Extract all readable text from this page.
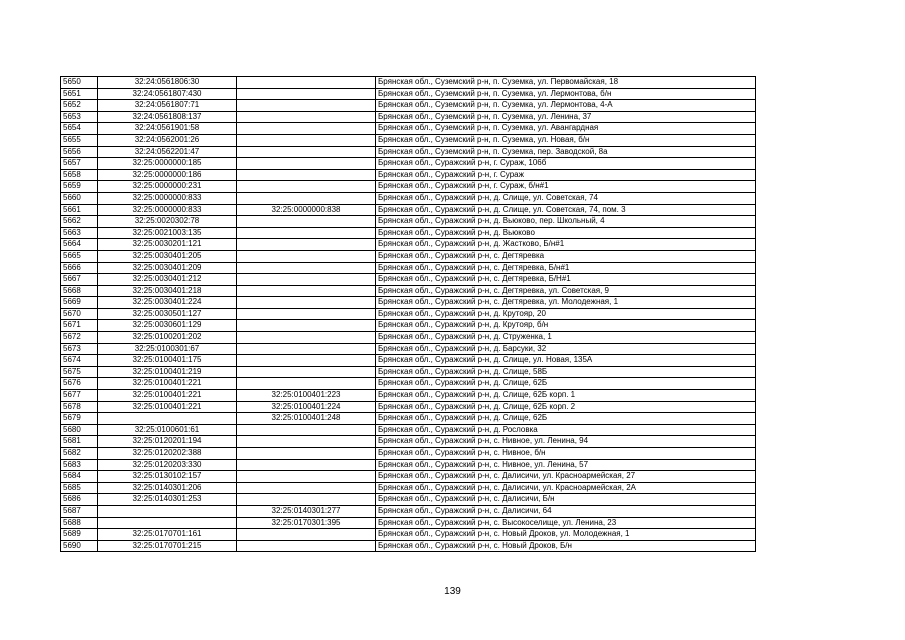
5650	32:24:0561806:30		Брянская обл., Суземский р-н, п. Суземка, ул. Первомайская, 18
5651	32:24:0561807:430		Брянская обл., Суземский р-н, п. Суземка, ул. Лермонтова, б/н
5652	32:24:0561807:71		Брянская обл., Суземский р-н, п. Суземка, ул. Лермонтова, 4-А
5653	32:24:0561808:137		Брянская обл., Суземский р-н, п. Суземка, ул. Ленина, 37
5654	32:24:0561901:58		Брянская обл., Суземский р-н, п. Суземка, ул. Авангардная
5655	32:24:0562001:26		Брянская обл., Суземский р-н, п. Суземка, ул. Новая, б/н
5656	32:24:0562201:47		Брянская обл., Суземский р-н, п. Суземка, пер. Заводской, 8а
5657	32:25:0000000:185		Брянская обл., Суражский р-н, г. Сураж, 106б
5658	32:25:0000000:186		Брянская обл., Суражский р-н, г. Сураж
5659	32:25:0000000:231		Брянская обл., Суражский р-н, г. Сураж, б/н#1
5660	32:25:0000000:833		Брянская обл., Суражский р-н, д. Слище, ул. Советская, 74
5661	32:25:0000000:833	32:25:0000000:838	Брянская обл., Суражский р-н, д. Слище, ул. Советская, 74, пом. 3
5662	32:25:0020302:78		Брянская обл., Суражский р-н, д. Вьюково, пер. Школьный, 4
5663	32:25:0021003:135		Брянская обл., Суражский р-н, д. Вьюково
5664	32:25:0030201:121		Брянская обл., Суражский р-н, д. Жастково, Б/н#1
5665	32:25:0030401:205		Брянская обл., Суражский р-н, с. Дегтяревка
5666	32:25:0030401:209		Брянская обл., Суражский р-н, с. Дегтяревка, Б/н#1
5667	32:25:0030401:212		Брянская обл., Суражский р-н, с. Дегтяревка, Б/Н#1
5668	32:25:0030401:218		Брянская обл., Суражский р-н, с. Дегтяревка, ул. Советская, 9
5669	32:25:0030401:224		Брянская обл., Суражский р-н, с. Дегтяревка, ул. Молодежная, 1
5670	32:25:0030501:127		Брянская обл., Суражский р-н, д. Крутояр, 20
5671	32:25:0030601:129		Брянская обл., Суражский р-н, д. Крутояр, б/н
5672	32:25:0100201:202		Брянская обл., Суражский р-н, д. Струженка, 1
5673	32:25:0100301:67		Брянская обл., Суражский р-н, д. Барсуки, 32
5674	32:25:0100401:175		Брянская обл., Суражский р-н, д. Слище, ул. Новая, 135А
5675	32:25:0100401:219		Брянская обл., Суражский р-н, д. Слище, 58Б
5676	32:25:0100401:221		Брянская обл., Суражский р-н, д. Слище, 62Б
5677	32:25:0100401:221	32:25:0100401:223	Брянская обл., Суражский р-н, д. Слище, 62Б корп. 1
5678	32:25:0100401:221	32:25:0100401:224	Брянская обл., Суражский р-н, д. Слище, 62Б корп. 2
5679		32:25:0100401:248	Брянская обл., Суражский р-н, д. Слище, 62Б
5680	32:25:0100601:61		Брянская обл., Суражский р-н, д. Рословка
5681	32:25:0120201:194		Брянская обл., Суражский р-н, с. Нивное, ул. Ленина, 94
5682	32:25:0120202:388		Брянская обл., Суражский р-н, с. Нивное, б/н
5683	32:25:0120203:330		Брянская обл., Суражский р-н, с. Нивное, ул. Ленина, 57
5684	32:25:0130102:157		Брянская обл., Суражский р-н, с. Далисичи, ул. Красноармейская, 27
5685	32:25:0140301:206		Брянская обл., Суражский р-н, с. Далисичи, ул. Красноармейская, 2А
5686	32:25:0140301:253		Брянская обл., Суражский р-н, с. Далисичи, Б/н
5687		32:25:0140301:277	Брянская обл., Суражский р-н, с. Далисичи, 64
5688		32:25:0170301:395	Брянская обл., Суражский р-н, с. Высокоселище, ул. Ленина, 23
5689	32:25:0170701:161		Брянская обл., Суражский р-н, с. Новый Дроков, ул. Молодежная, 1
5690	32:25:0170701:215		Брянская обл., Суражский р-н, с. Новый Дроков, Б/н
139
